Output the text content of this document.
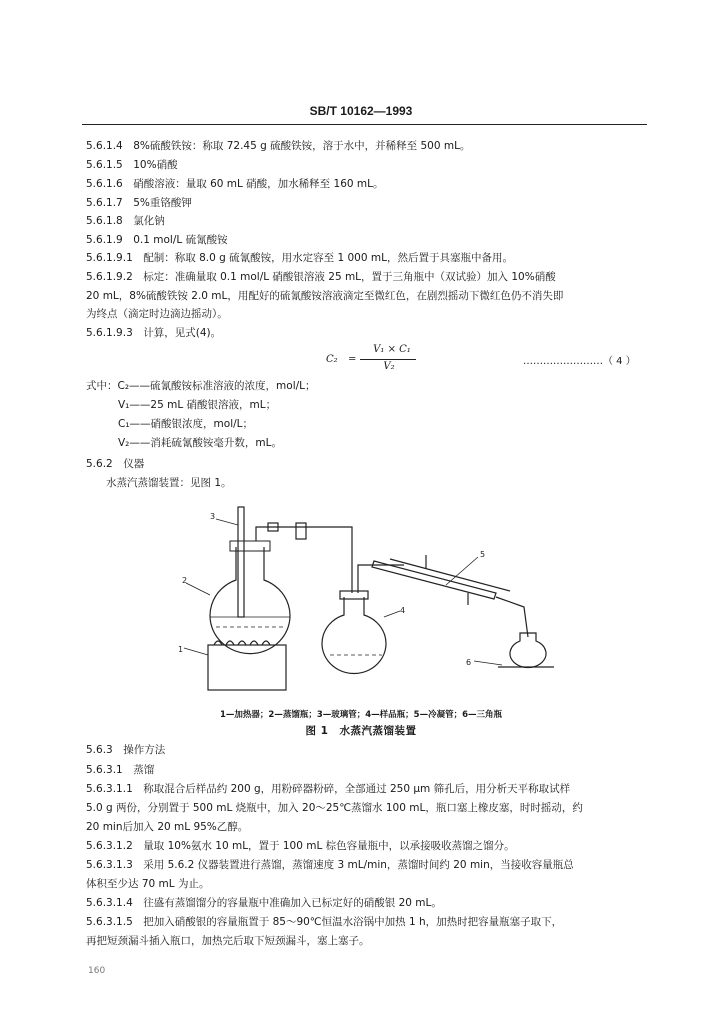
SB/T 10162—1993
5.6.1.4　8%硫酸铁铵：称取 72.45 g 硫酸铁铵，溶于水中，并稀释至 500 mL。
5.6.1.5　10%硝酸
5.6.1.6　硝酸溶液：量取 60 mL 硝酸，加水稀释至 160 mL。
5.6.1.7　5%重铬酸钾
5.6.1.8　氯化钠
5.6.1.9　0.1 mol/L 硫氰酸铵
5.6.1.9.1　配制：称取 8.0 g 硫氰酸铵，用水定容至 1 000 mL，然后置于具塞瓶中备用。
5.6.1.9.2　标定：准确量取 0.1 mol/L 硝酸银溶液 25 mL，置于三角瓶中（双试验）加入 10%硝酸
20 mL，8%硫酸铁铵 2.0 mL，用配好的硫氰酸铵溶液滴定至微红色，在剧烈摇动下微红色仍不消失即
为终点（滴定时边滴边摇动）。
5.6.1.9.3　计算，见式(4)。
C₂ =
V₁ × C₁
V₂	……………………（ 4 ）
式中：C₂——硫氰酸铵标准溶液的浓度，mol/L；
V₁——25 mL 硝酸银溶液，mL；
C₁——硝酸银浓度，mol/L；
V₂——消耗硫氰酸铵毫升数，mL。
5.6.2　仪器
水蒸汽蒸馏装置：见图 1。
1
2
3
4
5
6
1—加热器；2—蒸馏瓶；3—玻璃管；4—样品瓶；5—冷凝管；6—三角瓶
图 1　水蒸汽蒸馏装置
5.6.3　操作方法
5.6.3.1　蒸馏
5.6.3.1.1　称取混合后样品约 200 g，用粉碎器粉碎，全部通过 250 μm 筛孔后，用分析天平称取试样
5.0 g 两份，分别置于 500 mL 烧瓶中，加入 20～25℃蒸馏水 100 mL，瓶口塞上橡皮塞，时时摇动，约
20 min后加入 20 mL 95%乙醇。
5.6.3.1.2　量取 10%氨水 10 mL，置于 100 mL 棕色容量瓶中，以承接吸收蒸馏之馏分。
5.6.3.1.3　采用 5.6.2 仪器装置进行蒸馏，蒸馏速度 3 mL/min，蒸馏时间约 20 min，当接收容量瓶总
体积至少达 70 mL 为止。
5.6.3.1.4　往盛有蒸馏馏分的容量瓶中准确加入已标定好的硝酸银 20 mL。
5.6.3.1.5　把加入硝酸银的容量瓶置于 85～90℃恒温水浴锅中加热 1 h，加热时把容量瓶塞子取下，
再把短颈漏斗插入瓶口，加热完后取下短颈漏斗，塞上塞子。
160
